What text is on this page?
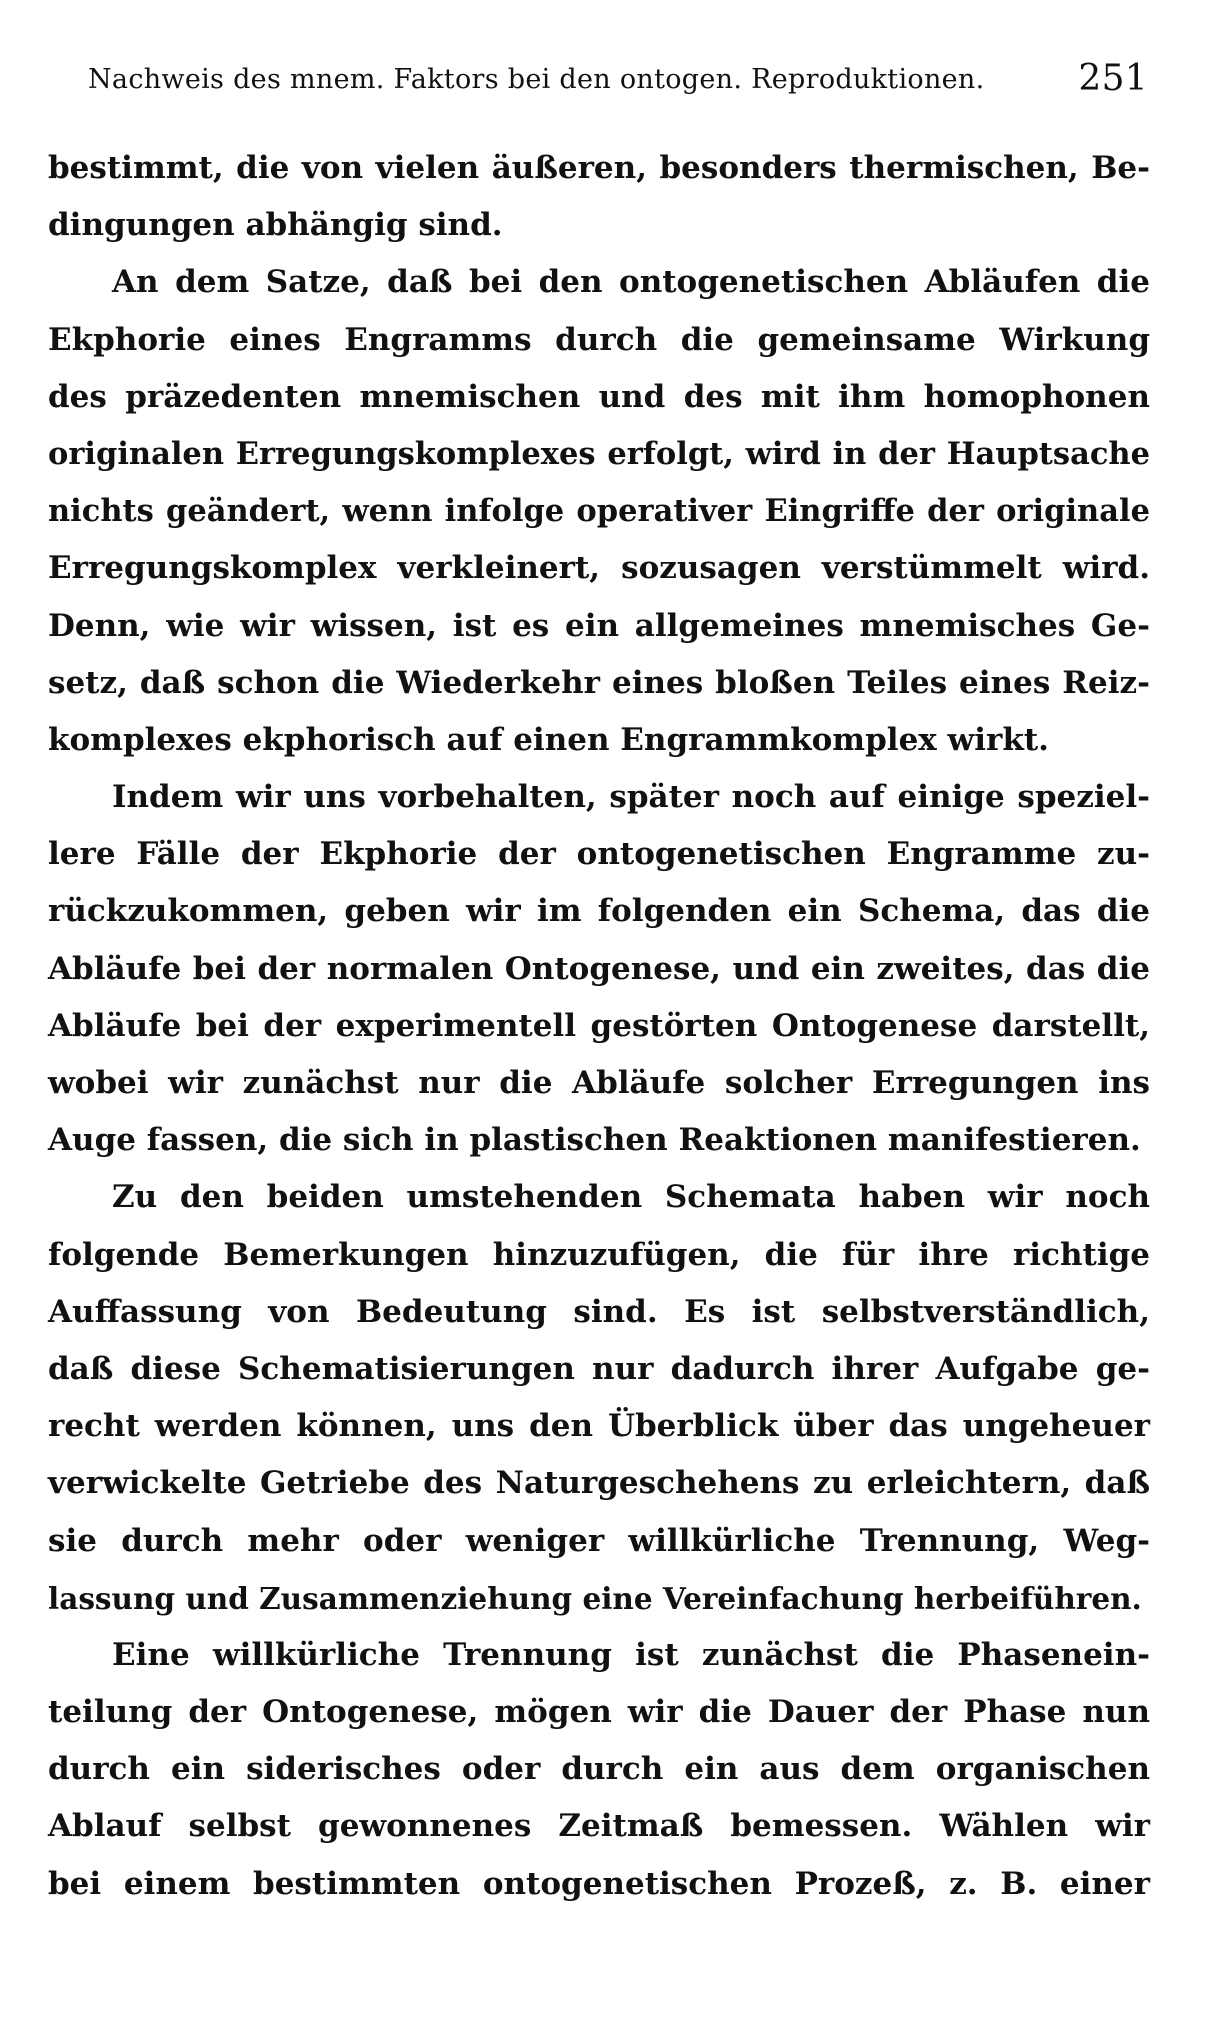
Nachweis des mnem. Faktors bei den ontogen. Reproduktionen.	251
bestimmt, die von vielen äußeren, besonders thermischen, Be-
dingungen abhängig sind.
An dem Satze, daß bei den ontogenetischen Abläufen die
Ekphorie eines Engramms durch die gemeinsame Wirkung
des präzedenten mnemischen und des mit ihm homophonen
originalen Erregungskomplexes erfolgt, wird in der Hauptsache
nichts geändert, wenn infolge operativer Eingriffe der originale
Erregungskomplex verkleinert, sozusagen verstümmelt wird.
Denn, wie wir wissen, ist es ein allgemeines mnemisches Ge-
setz, daß schon die Wiederkehr eines bloßen Teiles eines Reiz-
komplexes ekphorisch auf einen Engrammkomplex wirkt.
Indem wir uns vorbehalten, später noch auf einige speziel-
lere Fälle der Ekphorie der ontogenetischen Engramme zu-
rückzukommen, geben wir im folgenden ein Schema, das die
Abläufe bei der normalen Ontogenese, und ein zweites, das die
Abläufe bei der experimentell gestörten Ontogenese darstellt,
wobei wir zunächst nur die Abläufe solcher Erregungen ins
Auge fassen, die sich in plastischen Reaktionen manifestieren.
Zu den beiden umstehenden Schemata haben wir noch
folgende Bemerkungen hinzuzufügen, die für ihre richtige
Auffassung von Bedeutung sind. Es ist selbstverständlich,
daß diese Schematisierungen nur dadurch ihrer Aufgabe ge-
recht werden können, uns den Überblick über das ungeheuer
verwickelte Getriebe des Naturgeschehens zu erleichtern, daß
sie durch mehr oder weniger willkürliche Trennung, Weg-
lassung und Zusammenziehung eine Vereinfachung herbeiführen.
Eine willkürliche Trennung ist zunächst die Phasenein-
teilung der Ontogenese, mögen wir die Dauer der Phase nun
durch ein siderisches oder durch ein aus dem organischen
Ablauf selbst gewonnenes Zeitmaß bemessen. Wählen wir
bei einem bestimmten ontogenetischen Prozeß, z. B. einer
